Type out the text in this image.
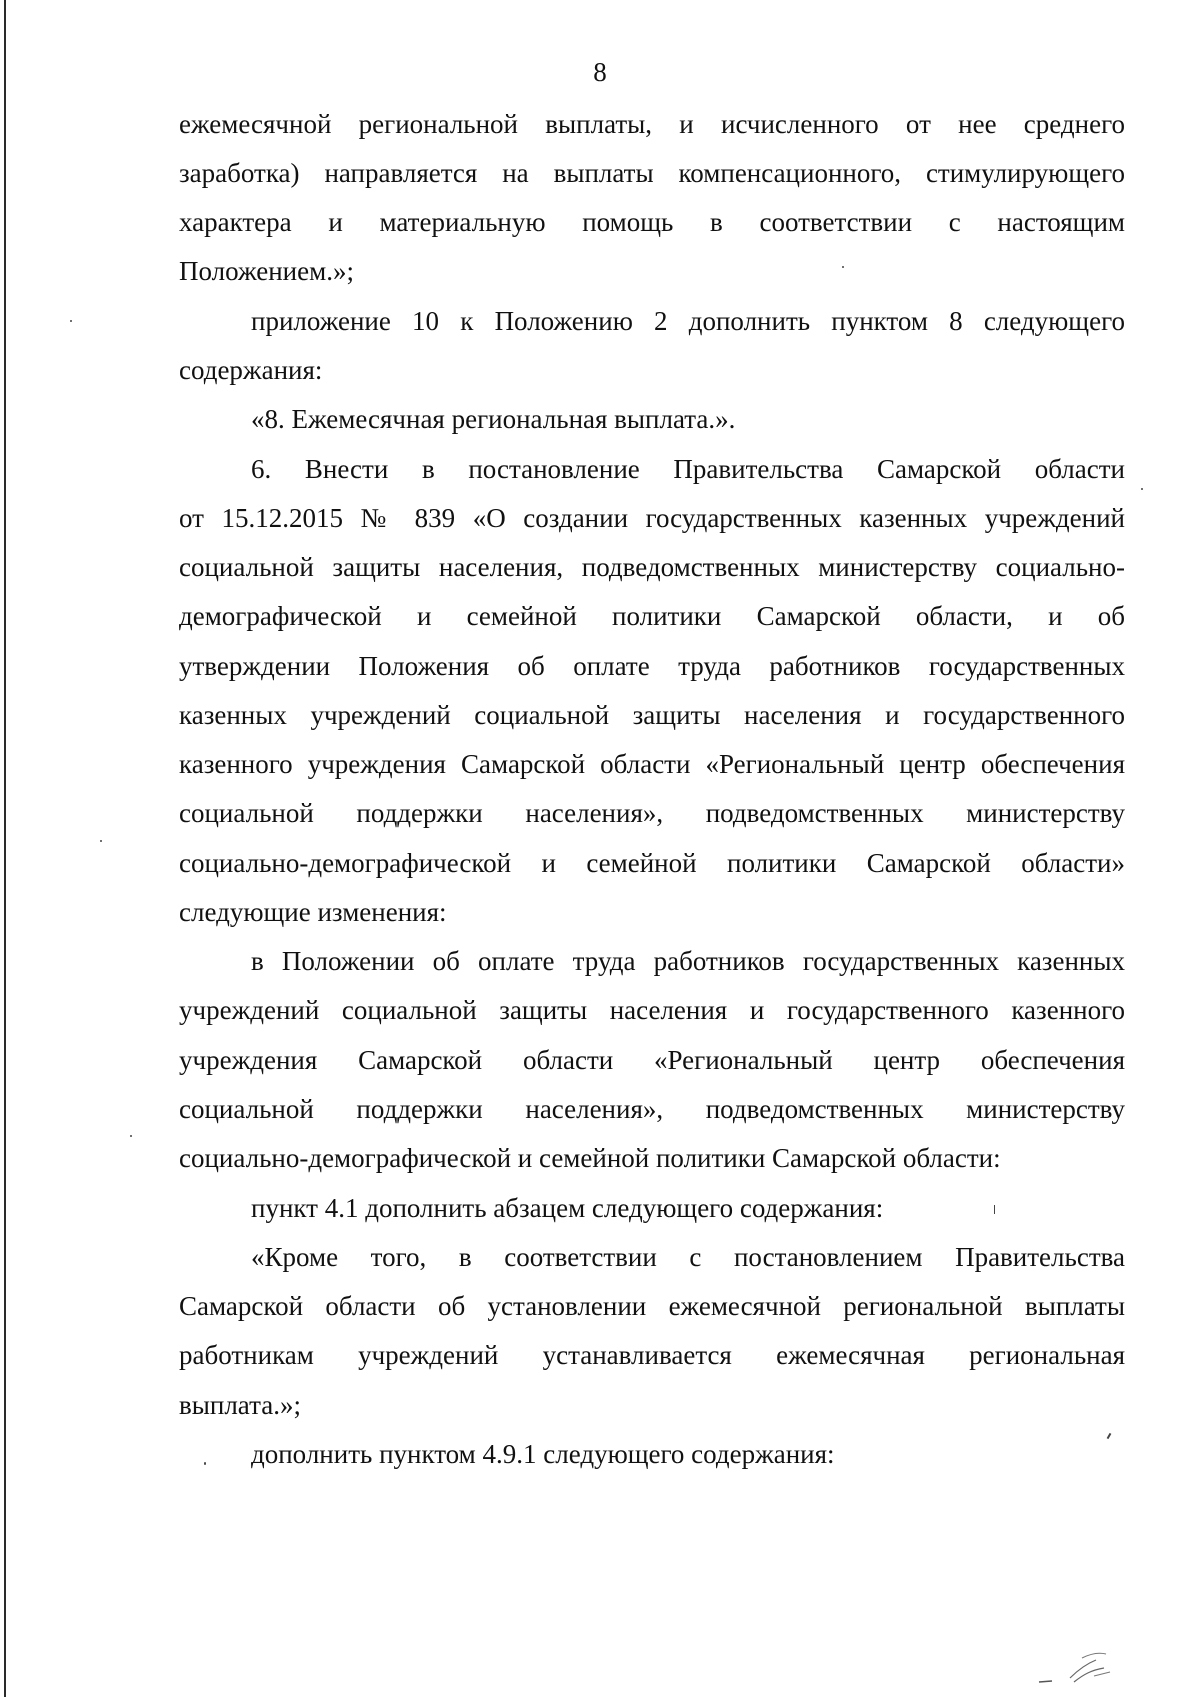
8
ежемесячной региональной выплаты, и исчисленного от нее среднего
заработка) направляется на выплаты компенсационного, стимулирующего
характера и материальную помощь в соответствии с настоящим
Положением.»;
приложение 10 к Положению 2 дополнить пунктом 8 следующего
содержания:
«8. Ежемесячная региональная выплата.».
6. Внести в постановление Правительства Самарской области
от 15.12.2015 № 839 «О создании государственных казенных учреждений
социальной защиты населения, подведомственных министерству социально-
демографической и семейной политики Самарской области, и об
утверждении Положения об оплате труда работников государственных
казенных учреждений социальной защиты населения и государственного
казенного учреждения Самарской области «Региональный центр обеспечения
социальной поддержки населения», подведомственных министерству
социально-демографической и семейной политики Самарской области»
следующие изменения:
в Положении об оплате труда работников государственных казенных
учреждений социальной защиты населения и государственного казенного
учреждения Самарской области «Региональный центр обеспечения
социальной поддержки населения», подведомственных министерству
социально-демографической и семейной политики Самарской области:
пункт 4.1 дополнить абзацем следующего содержания:
«Кроме того, в соответствии с постановлением Правительства
Самарской области об установлении ежемесячной региональной выплаты
работникам учреждений устанавливается ежемесячная региональная
выплата.»;
дополнить пунктом 4.9.1 следующего содержания:
